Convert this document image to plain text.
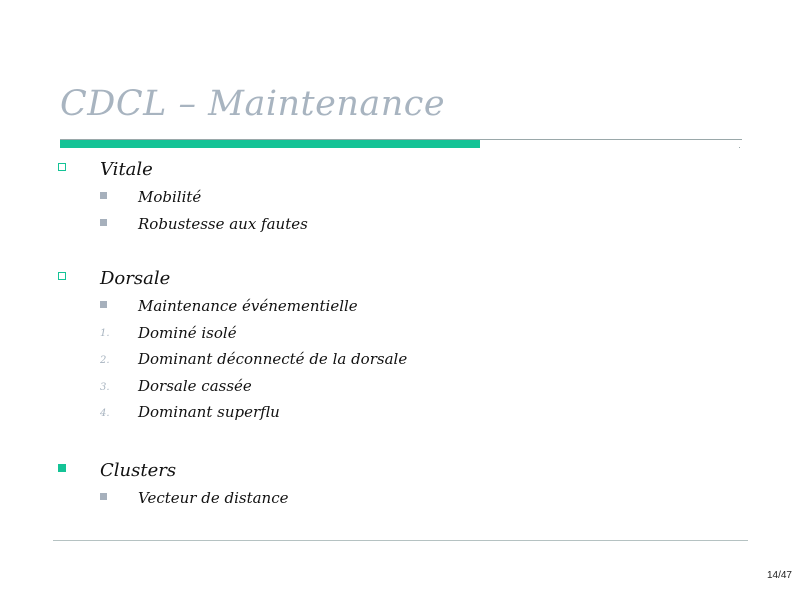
CDCL – Maintenance
Vitale
Mobilité
Robustesse aux fautes
Dorsale
Maintenance événementielle
1. Dominé isolé
2. Dominant déconnecté de la dorsale
3. Dorsale cassée
4. Dominant superflu
Clusters
Vecteur de distance
14/47
